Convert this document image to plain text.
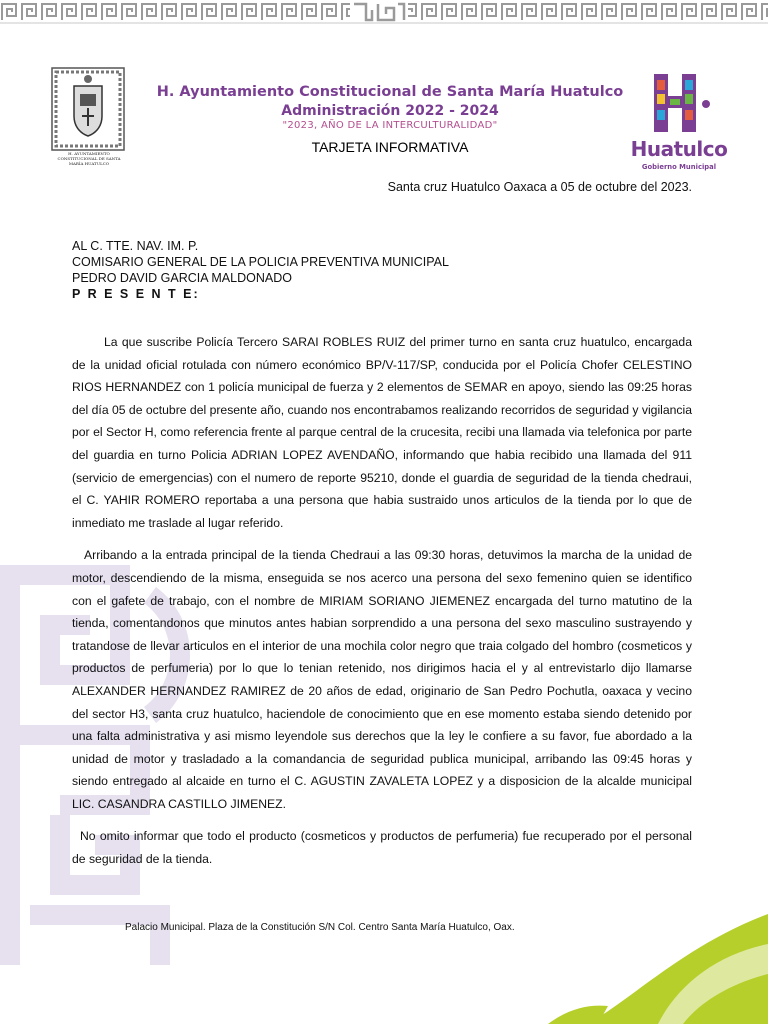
H. AYUNTAMIENTO CONSTITUCIONAL DE SANTA MARÍA HUATULCO
H. Ayuntamiento Constitucional de Santa María Huatulco
Administración 2022 - 2024
"2023, AÑO DE LA INTERCULTURALIDAD"
TARJETA INFORMATIVA	Huatulco
Gobierno Municipal
Santa cruz Huatulco Oaxaca a 05 de octubre del 2023.
AL C. TTE. NAV. IM. P.
COMISARIO GENERAL DE LA POLICIA PREVENTIVA MUNICIPAL
PEDRO DAVID GARCIA MALDONADO
P R E S E N T E:

La que suscribe Policía Tercero SARAI ROBLES RUIZ del primer turno en santa cruz huatulco, encargada de la unidad oficial rotulada con número económico BP/V-117/SP, conducida por el Policía Chofer CELESTINO RIOS HERNANDEZ con 1 policía municipal de fuerza y 2 elementos de SEMAR en apoyo, siendo las 09:25 horas del día 05 de octubre del presente año, cuando nos encontrabamos realizando recorridos de seguridad y vigilancia por el Sector H, como referencia frente al parque central de la crucesita, recibi una llamada via telefonica por parte del guardia en turno Policia ADRIAN LOPEZ AVENDAÑO, informando que habia recibido una llamada del 911 (servicio de emergencias) con el numero de reporte 95210, donde el guardia de seguridad de la tienda chedraui, el C. YAHIR ROMERO reportaba a una persona que habia sustraido unos articulos de la tienda por lo que de inmediato me traslade al lugar referido.

Arribando a la entrada principal de la tienda Chedraui a las 09:30 horas, detuvimos la marcha de la unidad de motor, descendiendo de la misma, enseguida se nos acerco una persona del sexo femenino quien se identifico con el gafete de trabajo, con el nombre de MIRIAM SORIANO JIEMENEZ encargada del turno matutino de la tienda, comentandonos que minutos antes habian sorprendido a una persona del sexo masculino sustrayendo y tratandose de llevar articulos en el interior de una mochila color negro que traia colgado del hombro (cosmeticos y productos de perfumeria) por lo que lo tenian retenido, nos dirigimos hacia el y al entrevistarlo dijo llamarse ALEXANDER HERNANDEZ RAMIREZ de 20 años de edad, originario de San Pedro Pochutla, oaxaca y vecino del sector H3, santa cruz huatulco, haciendole de conocimiento que en ese momento estaba siendo detenido por una falta administrativa y asi mismo leyendole sus derechos que la ley le confiere a su favor, fue abordado a la unidad de motor y trasladado a la comandancia de seguridad publica municipal, arribando las 09:45 horas y siendo entregado al alcaide en turno el C. AGUSTIN ZAVALETA LOPEZ y a disposicion de la alcalde municipal LIC. CASANDRA CASTILLO JIMENEZ.

No omito informar que todo el producto (cosmeticos y productos de perfumeria) fue recuperado por el personal de seguridad de la tienda.

Palacio Municipal. Plaza de la Constitución S/N Col. Centro Santa María Huatulco, Oax.
